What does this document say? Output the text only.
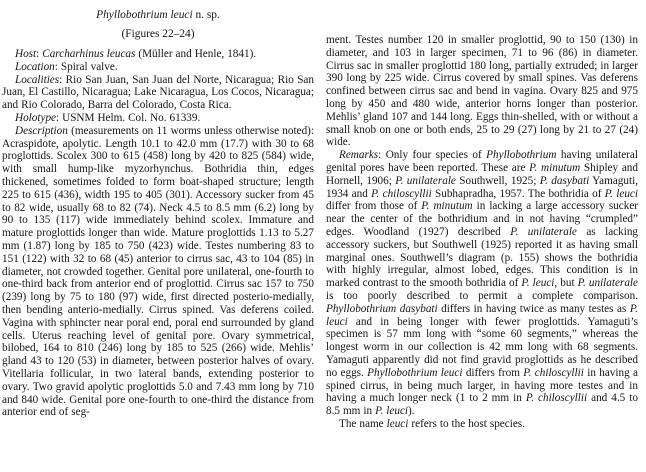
Phyllobothrium leuci n. sp.
(Figures 22–24)

Host: Carcharhinus leucas (Müller and Henle, 1841).

Location: Spiral valve.

Localities: Rio San Juan, San Juan del Norte, Nicaragua; Rio San Juan, El Castillo, Nicaragua; Lake Nicaragua, Los Cocos, Nicaragua; and Rio Colorado, Barra del Colorado, Costa Rica.

Holotype: USNM Helm. Col. No. 61339.

Description (measurements on 11 worms unless otherwise noted): Acraspidote, apolytic. Length 10.1 to 42.0 mm (17.7) with 30 to 68 proglottids. Scolex 300 to 615 (458) long by 420 to 825 (584) wide, with small hump-like myzorhynchus. Bothridia thin, edges thickened, sometimes folded to form boat-shaped structure; length 225 to 615 (436), width 195 to 405 (301). Accessory sucker from 45 to 82 wide, usually 68 to 82 (74). Neck 4.5 to 8.5 mm (6.2) long by 90 to 135 (117) wide immediately behind scolex. Immature and mature proglottids longer than wide. Mature proglottids 1.13 to 5.27 mm (1.87) long by 185 to 750 (423) wide. Testes numbering 83 to 151 (122) with 32 to 68 (45) anterior to cirrus sac, 43 to 104 (85) in diameter, not crowded together. Genital pore unilateral, one-fourth to one-third back from anterior end of proglottid. Cirrus sac 157 to 750 (239) long by 75 to 180 (97) wide, first directed posterio-medially, then bending anterio-medially. Cirrus spined. Vas deferens coiled. Vagina with sphincter near poral end, poral end surrounded by gland cells. Uterus reaching level of genital pore. Ovary symmetrical, bilobed, 164 to 810 (246) long by 185 to 525 (266) wide. Mehlis’ gland 43 to 120 (53) in diameter, between posterior halves of ovary. Vitellaria follicular, in two lateral bands, extending posterior to ovary. Two gravid apolytic proglottids 5.0 and 7.43 mm long by 710 and 840 wide. Genital pore one-fourth to one-third the distance from anterior end of seg-

ment. Testes number 120 in smaller proglottid, 90 to 150 (130) in diameter, and 103 in larger specimen, 71 to 96 (86) in diameter. Cirrus sac in smaller proglottid 180 long, partially extruded; in larger 390 long by 225 wide. Cirrus covered by small spines. Vas deferens confined between cirrus sac and bend in vagina. Ovary 825 and 975 long by 450 and 480 wide, anterior horns longer than posterior. Mehlis’ gland 107 and 144 long. Eggs thin-shelled, with or without a small knob on one or both ends, 25 to 29 (27) long by 21 to 27 (24) wide.

Remarks: Only four species of Phyllobothrium having unilateral genital pores have been reported. These are P. minutum Shipley and Hornell, 1906; P. unilaterale Southwell, 1925; P. dasybati Yamaguti, 1934 and P. chiloscyllii Subhapradha, 1957. The bothridia of P. leuci differ from those of P. minutum in lacking a large accessory sucker near the center of the bothridium and in not having “crumpled” edges. Woodland (1927) described P. unilaterale as lacking accessory suckers, but Southwell (1925) reported it as having small marginal ones. Southwell’s diagram (p. 155) shows the bothridia with highly irregular, almost lobed, edges. This condition is in marked contrast to the smooth bothridia of P. leuci, but P. unilaterale is too poorly described to permit a complete comparison. Phyllobothrium dasybati differs in having twice as many testes as P. leuci and in being longer with fewer proglottids. Yamaguti’s specimen is 57 mm long with “some 60 segments,” whereas the longest worm in our collection is 42 mm long with 68 segments. Yamaguti apparently did not find gravid proglottids as he described no eggs. Phyllobothrium leuci differs from P. chiloscyllii in having a spined cirrus, in being much larger, in having more testes and in having a much longer neck (1 to 2 mm in P. chiloscyllii and 4.5 to 8.5 mm in P. leuci).

The name leuci refers to the host species.
